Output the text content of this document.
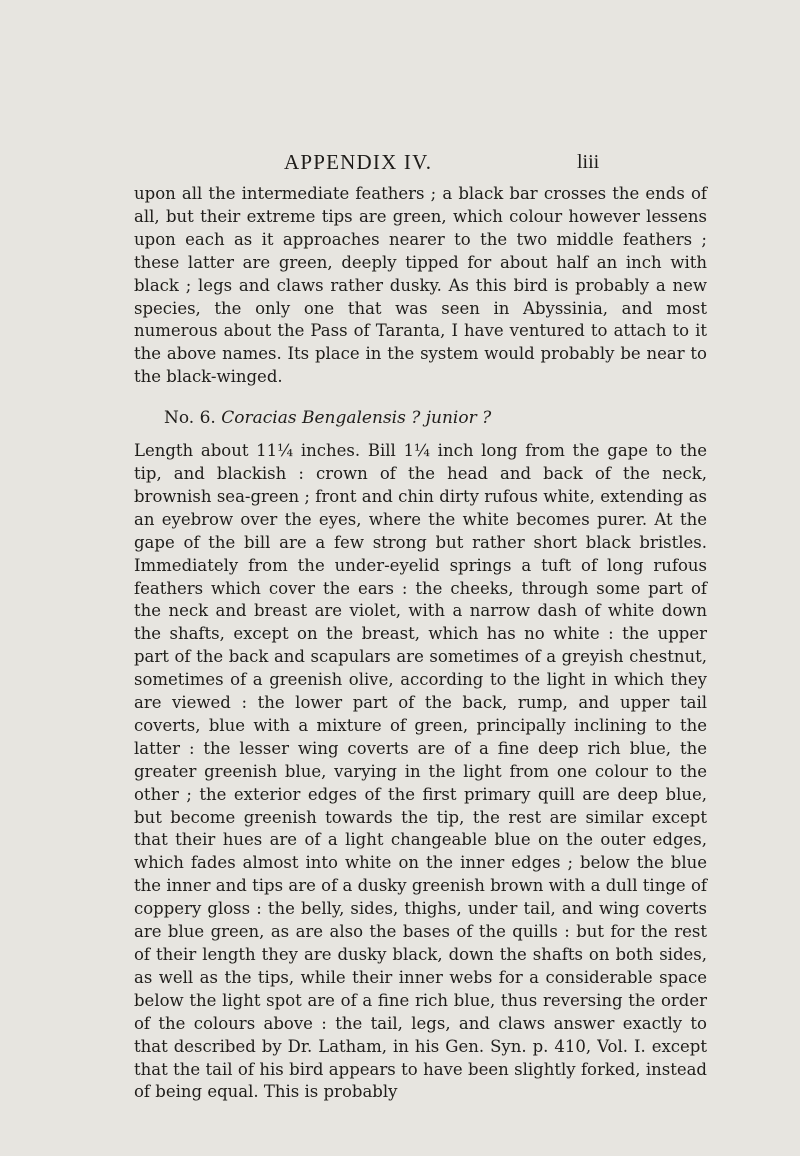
APPENDIX IV.	liii

upon all the intermediate feathers ; a black bar crosses the ends of all, but their extreme tips are green, which colour however lessens upon each as it approaches nearer to the two middle feathers ; these latter are green, deeply tipped for about half an inch with black ; legs and claws rather dusky. As this bird is probably a new species, the only one that was seen in Abyssinia, and most numerous about the Pass of Taranta, I have ventured to attach to it the above names. Its place in the system would probably be near to the black-winged.

No. 6. Coracias Bengalensis ? junior ?

Length about 11¼ inches. Bill 1¼ inch long from the gape to the tip, and blackish : crown of the head and back of the neck, brownish sea-green ; front and chin dirty rufous white, extending as an eyebrow over the eyes, where the white becomes purer. At the gape of the bill are a few strong but rather short black bristles. Immediately from the under-eyelid springs a tuft of long rufous feathers which cover the ears : the cheeks, through some part of the neck and breast are violet, with a narrow dash of white down the shafts, except on the breast, which has no white : the upper part of the back and scapulars are sometimes of a greyish chestnut, sometimes of a greenish olive, according to the light in which they are viewed : the lower part of the back, rump, and upper tail coverts, blue with a mixture of green, principally inclining to the latter : the lesser wing coverts are of a fine deep rich blue, the greater greenish blue, varying in the light from one colour to the other ; the exterior edges of the first primary quill are deep blue, but become greenish towards the tip, the rest are similar except that their hues are of a light changeable blue on the outer edges, which fades almost into white on the inner edges ; below the blue the inner and tips are of a dusky greenish brown with a dull tinge of coppery gloss : the belly, sides, thighs, under tail, and wing coverts are blue green, as are also the bases of the quills : but for the rest of their length they are dusky black, down the shafts on both sides, as well as the tips, while their inner webs for a considerable space below the light spot are of a fine rich blue, thus reversing the order of the colours above : the tail, legs, and claws answer exactly to that described by Dr. Latham, in his Gen. Syn. p. 410, Vol. I. except that the tail of his bird appears to have been slightly forked, instead of being equal. This is probably
